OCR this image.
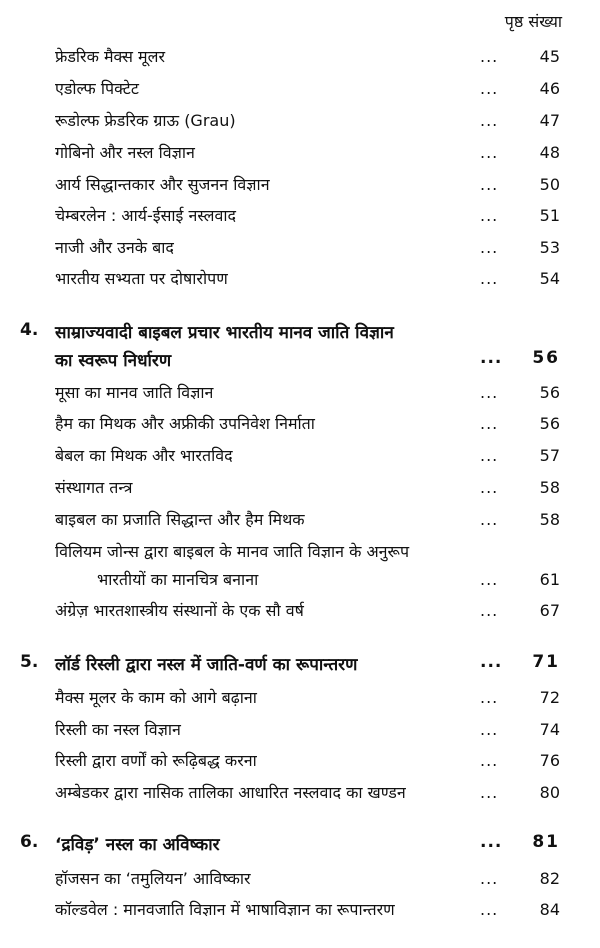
पृष्ठ संख्या
फ्रेडरिक मैक्स मूलर	...	45
एडोल्फ पिक्टेट	...	46
रूडोल्फ फ्रेडरिक ग्राऊ (Grau)	...	47
गोबिनो और नस्ल विज्ञान	...	48
आर्य सिद्धान्तकार और सुजनन विज्ञान	...	50
चेम्बरलेन : आर्य-ईसाई नस्लवाद	...	51
नाजी और उनके बाद	...	53
भारतीय सभ्यता पर दोषारोपण	...	54
4. साम्राज्यवादी बाइबल प्रचार भारतीय मानव जाति विज्ञान
का स्वरूप निर्धारण	... 56
मूसा का मानव जाति विज्ञान	...	56
हैम का मिथक और अफ्रीकी उपनिवेश निर्माता	...	56
बेबल का मिथक और भारतविद	...	57
संस्थागत तन्त्र	...	58
बाइबल का प्रजाति सिद्धान्त और हैम मिथक	...	58
विलियम जोन्स द्वारा बाइबल के मानव जाति विज्ञान के अनुरूप
भारतीयों का मानचित्र बनाना	...	61
अंग्रेज़ भारतशास्त्रीय संस्थानों के एक सौ वर्ष	...	67
5. लॉर्ड रिस्ली द्वारा नस्ल में जाति-वर्ण का रूपान्तरण	... 71
मैक्स मूलर के काम को आगे बढ़ाना	...	72
रिस्ली का नस्ल विज्ञान	...	74
रिस्ली द्वारा वर्णों को रूढ़िबद्ध करना	...	76
अम्बेडकर द्वारा नासिक तालिका आधारित नस्लवाद का खण्डन	...	80
6. ‘द्रविड़’ नस्ल का अविष्कार	... 81
हॉजसन का ‘तमुलियन’ आविष्कार	...	82
कॉल्डवेल : मानवजाति विज्ञान में भाषाविज्ञान का रूपान्तरण	...	84
